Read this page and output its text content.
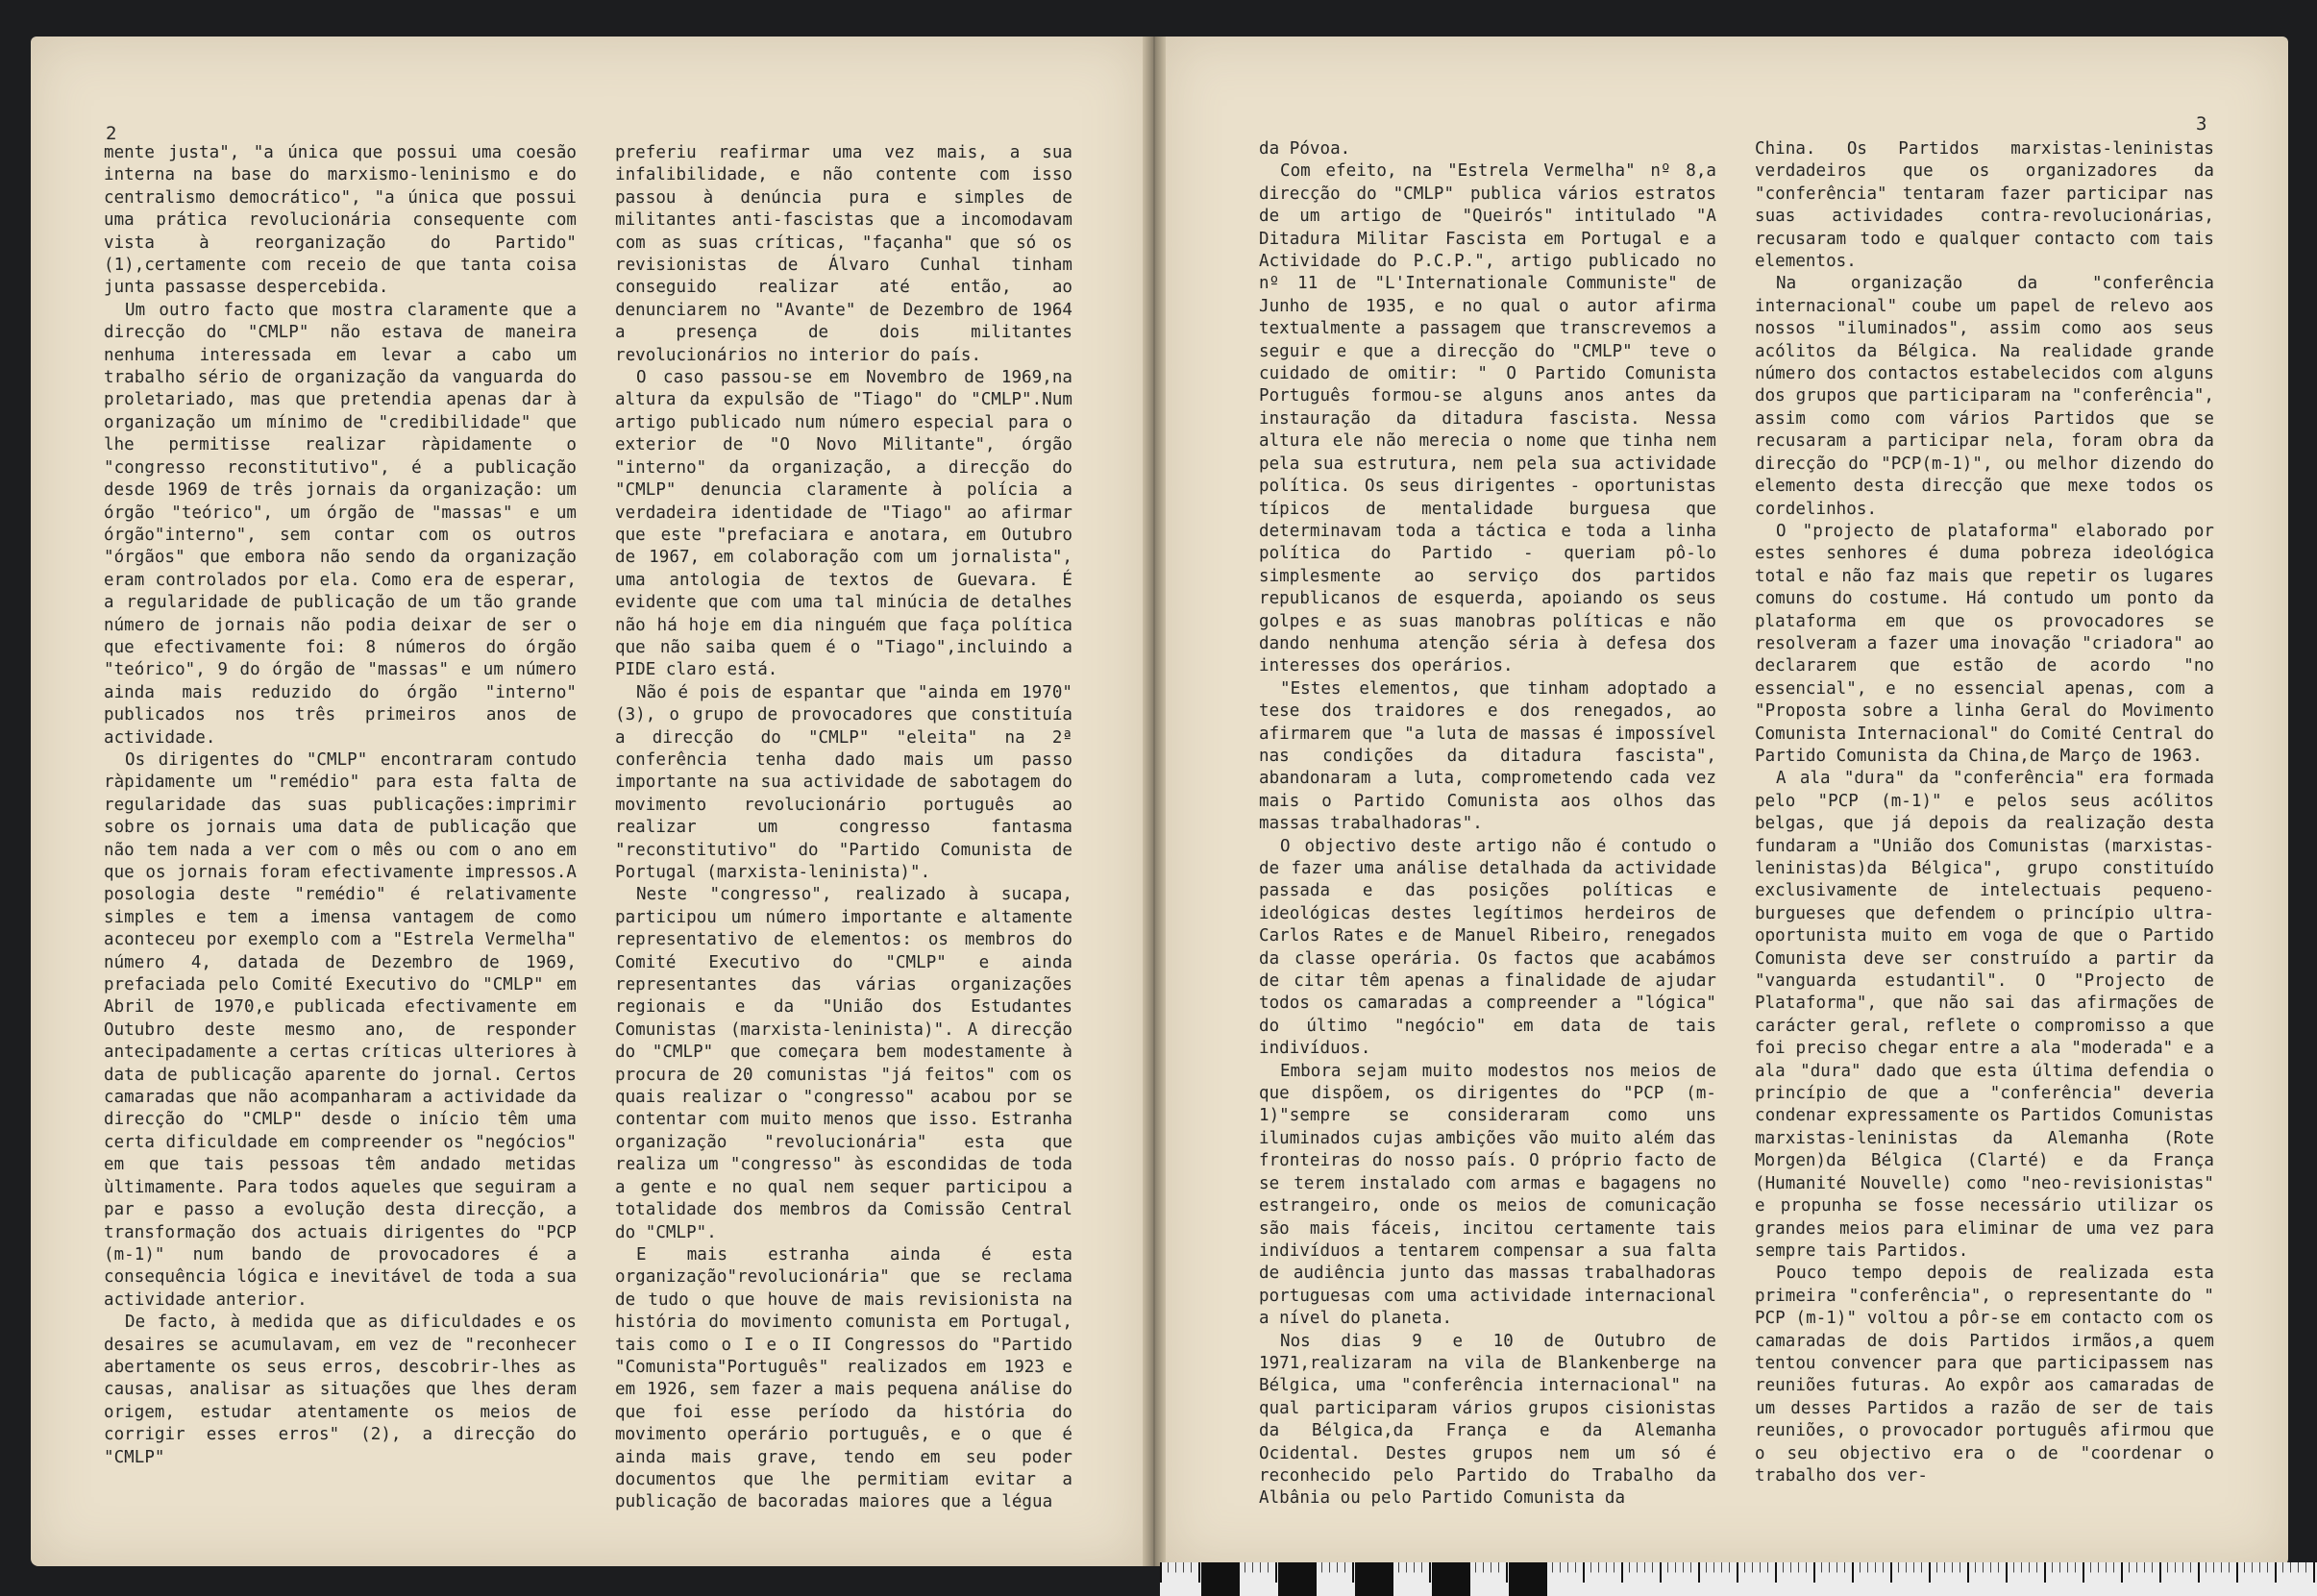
2	3

mente justa", "a única que possui uma coesão interna na base do marxismo-leninismo e do centralismo democrático", "a única que possui uma prática revolucionária consequente com vista à reorganização do Partido" (1),certamente com receio de que tanta coisa junta passasse despercebida.

Um outro facto que mostra claramente que a direcção do "CMLP" não estava de maneira nenhuma interessada em levar a cabo um trabalho sério de organização da vanguarda do proletariado, mas que pretendia apenas dar à organização um mínimo de "credibilidade" que lhe permitisse realizar ràpidamente o "congresso reconstitutivo", é a publicação desde 1969 de três jornais da organização: um órgão "teórico", um órgão de "massas" e um órgão"interno", sem contar com os outros "órgãos" que embora não sendo da organização eram controlados por ela. Como era de esperar, a regularidade de publicação de um tão grande número de jornais não podia deixar de ser o que efectivamente foi: 8 números do órgão "teórico", 9 do órgão de "massas" e um número ainda mais reduzido do órgão "interno" publicados nos três primeiros anos de actividade.

Os dirigentes do "CMLP" encontraram contudo ràpidamente um "remédio" para esta falta de regularidade das suas publicações:imprimir sobre os jornais uma data de publicação que não tem nada a ver com o mês ou com o ano em que os jornais foram efectivamente impressos.A posologia deste "remédio" é relativamente simples e tem a imensa vantagem de como aconteceu por exemplo com a "Estrela Vermelha" número 4, datada de Dezembro de 1969, prefaciada pelo Comité Executivo do "CMLP" em Abril de 1970,e publicada efectivamente em Outubro deste mesmo ano, de responder antecipadamente a certas críticas ulteriores à data de publicação aparente do jornal. Certos camaradas que não acompanharam a actividade da direcção do "CMLP" desde o início têm uma certa dificuldade em compreender os "negócios" em que tais pessoas têm andado metidas ùltimamente. Para todos aqueles que seguiram a par e passo a evolução desta direcção, a transformação dos actuais dirigentes do "PCP (m-1)" num bando de provocadores é a consequência lógica e inevitável de toda a sua actividade anterior.

De facto, à medida que as dificuldades e os desaires se acumulavam, em vez de "reconhecer abertamente os seus erros, descobrir-lhes as causas, analisar as situações que lhes deram origem, estudar atentamente os meios de corrigir esses erros" (2), a direcção do "CMLP"

preferiu reafirmar uma vez mais, a sua infalibilidade, e não contente com isso passou à denúncia pura e simples de militantes anti-fascistas que a incomodavam com as suas críticas, "façanha" que só os revisionistas de Álvaro Cunhal tinham conseguido realizar até então, ao denunciarem no "Avante" de Dezembro de 1964 a presença de dois militantes revolucionários no interior do país.

O caso passou-se em Novembro de 1969,na altura da expulsão de "Tiago" do "CMLP".Num artigo publicado num número especial para o exterior de "O Novo Militante", órgão "interno" da organização, a direcção do "CMLP" denuncia claramente à polícia a verdadeira identidade de "Tiago" ao afirmar que este "prefaciara e anotara, em Outubro de 1967, em colaboração com um jornalista", uma antologia de textos de Guevara. É evidente que com uma tal minúcia de detalhes não há hoje em dia ninguém que faça política que não saiba quem é o "Tiago",incluindo a PIDE claro está.

Não é pois de espantar que "ainda em 1970" (3), o grupo de provocadores que constituía a direcção do "CMLP" "eleita" na 2ª conferência tenha dado mais um passo importante na sua actividade de sabotagem do movimento revolucionário português ao realizar um congresso fantasma "reconstitutivo" do "Partido Comunista de Portugal (marxista-leninista)".

Neste "congresso", realizado à sucapa, participou um número importante e altamente representativo de elementos: os membros do Comité Executivo do "CMLP" e ainda representantes das várias organizações regionais e da "União dos Estudantes Comunistas (marxista-leninista)". A direcção do "CMLP" que começara bem modestamente à procura de 20 comunistas "já feitos" com os quais realizar o "congresso" acabou por se contentar com muito menos que isso. Estranha organização "revolucionária" esta que realiza um "congresso" às escondidas de toda a gente e no qual nem sequer participou a totalidade dos membros da Comissão Central do "CMLP".

E mais estranha ainda é esta organização"revolucionária" que se reclama de tudo o que houve de mais revisionista na história do movimento comunista em Portugal, tais como o I e o II Congressos do "Partido "Comunista"Português" realizados em 1923 e em 1926, sem fazer a mais pequena análise do que foi esse período da história do movimento operário português, e o que é ainda mais grave, tendo em seu poder documentos que lhe permitiam evitar a publicação de bacoradas maiores que a légua

da Póvoa.

Com efeito, na "Estrela Vermelha" nº 8,a direcção do "CMLP" publica vários estratos de um artigo de "Queirós" intitulado "A Ditadura Militar Fascista em Portugal e a Actividade do P.C.P.", artigo publicado no nº 11 de "L'Internationale Communiste" de Junho de 1935, e no qual o autor afirma textualmente a passagem que transcrevemos a seguir e que a direcção do "CMLP" teve o cuidado de omitir: " O Partido Comunista Português formou-se alguns anos antes da instauração da ditadura fascista. Nessa altura ele não merecia o nome que tinha nem pela sua estrutura, nem pela sua actividade política. Os seus dirigentes - oportunistas típicos de mentalidade burguesa que determinavam toda a táctica e toda a linha política do Partido - queriam pô-lo simplesmente ao serviço dos partidos republicanos de esquerda, apoiando os seus golpes e as suas manobras políticas e não dando nenhuma atenção séria à defesa dos interesses dos operários.

"Estes elementos, que tinham adoptado a tese dos traidores e dos renegados, ao afirmarem que "a luta de massas é impossível nas condições da ditadura fascista", abandonaram a luta, comprometendo cada vez mais o Partido Comunista aos olhos das massas trabalhadoras".

O objectivo deste artigo não é contudo o de fazer uma análise detalhada da actividade passada e das posições políticas e ideológicas destes legítimos herdeiros de Carlos Rates e de Manuel Ribeiro, renegados da classe operária. Os factos que acabámos de citar têm apenas a finalidade de ajudar todos os camaradas a compreender a "lógica" do último "negócio" em data de tais indivíduos.

Embora sejam muito modestos nos meios de que dispõem, os dirigentes do "PCP (m-1)"sempre se consideraram como uns iluminados cujas ambições vão muito além das fronteiras do nosso país. O próprio facto de se terem instalado com armas e bagagens no estrangeiro, onde os meios de comunicação são mais fáceis, incitou certamente tais indivíduos a tentarem compensar a sua falta de audiência junto das massas trabalhadoras portuguesas com uma actividade internacional a nível do planeta.

Nos dias 9 e 10 de Outubro de 1971,realizaram na vila de Blankenberge na Bélgica, uma "conferência internacional" na qual participaram vários grupos cisionistas da Bélgica,da França e da Alemanha Ocidental. Destes grupos nem um só é reconhecido pelo Partido do Trabalho da Albânia ou pelo Partido Comunista da

China. Os Partidos marxistas-leninistas verdadeiros que os organizadores da "conferência" tentaram fazer participar nas suas actividades contra-revolucionárias, recusaram todo e qualquer contacto com tais elementos.

Na organização da "conferência internacional" coube um papel de relevo aos nossos "iluminados", assim como aos seus acólitos da Bélgica. Na realidade grande número dos contactos estabelecidos com alguns dos grupos que participaram na "conferência", assim como com vários Partidos que se recusaram a participar nela, foram obra da direcção do "PCP(m-1)", ou melhor dizendo do elemento desta direcção que mexe todos os cordelinhos.

O "projecto de plataforma" elaborado por estes senhores é duma pobreza ideológica total e não faz mais que repetir os lugares comuns do costume. Há contudo um ponto da plataforma em que os provocadores se resolveram a fazer uma inovação "criadora" ao declararem que estão de acordo "no essencial", e no essencial apenas, com a "Proposta sobre a linha Geral do Movimento Comunista Internacional" do Comité Central do Partido Comunista da China,de Março de 1963.

A ala "dura" da "conferência" era formada pelo "PCP (m-1)" e pelos seus acólitos belgas, que já depois da realização desta fundaram a "União dos Comunistas (marxistas-leninistas)da Bélgica", grupo constituído exclusivamente de intelectuais pequeno-burgueses que defendem o princípio ultra-oportunista muito em voga de que o Partido Comunista deve ser construído a partir da "vanguarda estudantil". O "Projecto de Plataforma", que não sai das afirmações de carácter geral, reflete o compromisso a que foi preciso chegar entre a ala "moderada" e a ala "dura" dado que esta última defendia o princípio de que a "conferência" deveria condenar expressamente os Partidos Comunistas marxistas-leninistas da Alemanha (Rote Morgen)da Bélgica (Clarté) e da França (Humanité Nouvelle) como "neo-revisionistas" e propunha se fosse necessário utilizar os grandes meios para eliminar de uma vez para sempre tais Partidos.

Pouco tempo depois de realizada esta primeira "conferência", o representante do " PCP (m-1)" voltou a pôr-se em contacto com os camaradas de dois Partidos irmãos,a quem tentou convencer para que participassem nas reuniões futuras. Ao expôr aos camaradas de um desses Partidos a razão de ser de tais reuniões, o provocador português afirmou que o seu objectivo era o de "coordenar o trabalho dos ver-
